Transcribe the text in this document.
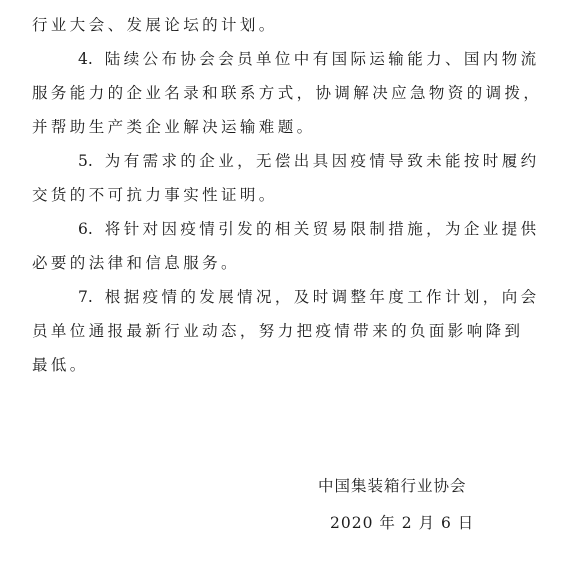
行业大会、发展论坛的计划。
4. 陆续公布协会会员单位中有国际运输能力、国内物流
服务能力的企业名录和联系方式，协调解决应急物资的调拨，
并帮助生产类企业解决运输难题。
5. 为有需求的企业，无偿出具因疫情导致未能按时履约
交货的不可抗力事实性证明。
6. 将针对因疫情引发的相关贸易限制措施，为企业提供
必要的法律和信息服务。
7. 根据疫情的发展情况，及时调整年度工作计划，向会
员单位通报最新行业动态，努力把疫情带来的负面影响降到
最低。
中国集装箱行业协会
2020 年 2 月 6 日
